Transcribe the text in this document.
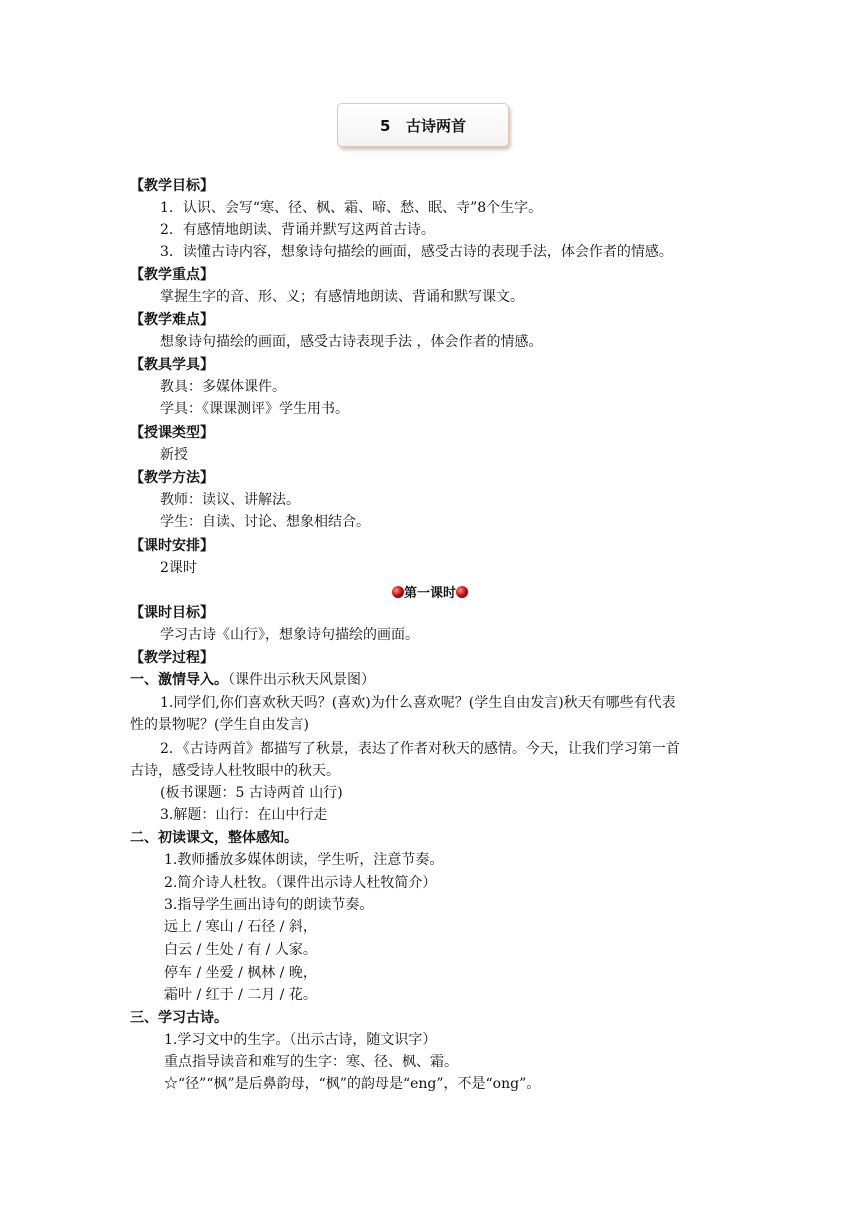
5 古诗两首
【教学目标】
1．认识、会写“寒、径、枫、霜、啼、愁、眠、寺”8个生字。
2．有感情地朗读、背诵并默写这两首古诗。
3．读懂古诗内容，想象诗句描绘的画面，感受古诗的表现手法，体会作者的情感。
【教学重点】
掌握生字的音、形、义；有感情地朗读、背诵和默写课文。
【教学难点】
想象诗句描绘的画面，感受古诗表现手法 ，体会作者的情感。
【教具学具】
教具：多媒体课件。
学具：《课课测评》学生用书。
【授课类型】
新授
【教学方法】
教师：读议、讲解法。
学生：自读、讨论、想象相结合。
【课时安排】
2课时
第一课时
【课时目标】
学习古诗《山行》，想象诗句描绘的画面。
【教学过程】
一、激情导入。（课件出示秋天风景图）
1.同学们,你们喜欢秋天吗？(喜欢)为什么喜欢呢？(学生自由发言)秋天有哪些有代表
性的景物呢？(学生自由发言)
2．《古诗两首》都描写了秋景，表达了作者对秋天的感情。今天，让我们学习第一首
古诗，感受诗人杜牧眼中的秋天。
(板书课题：5 古诗两首 山行)
3.解题：山行：在山中行走
二、初读课文，整体感知。
1.教师播放多媒体朗读，学生听，注意节奏。
2.简介诗人杜牧。（课件出示诗人杜牧简介）
3.指导学生画出诗句的朗读节奏。
远上 / 寒山 / 石径 / 斜，
白云 / 生处 / 有 / 人家。
停车 / 坐爱 / 枫林 / 晚，
霜叶 / 红于 / 二月 / 花。
三、学习古诗。
1.学习文中的生字。（出示古诗，随文识字）
重点指导读音和难写的生字：寒、径、枫、霜。
☆“径”“枫”是后鼻韵母，“枫”的韵母是“eng”，不是“ong”。
